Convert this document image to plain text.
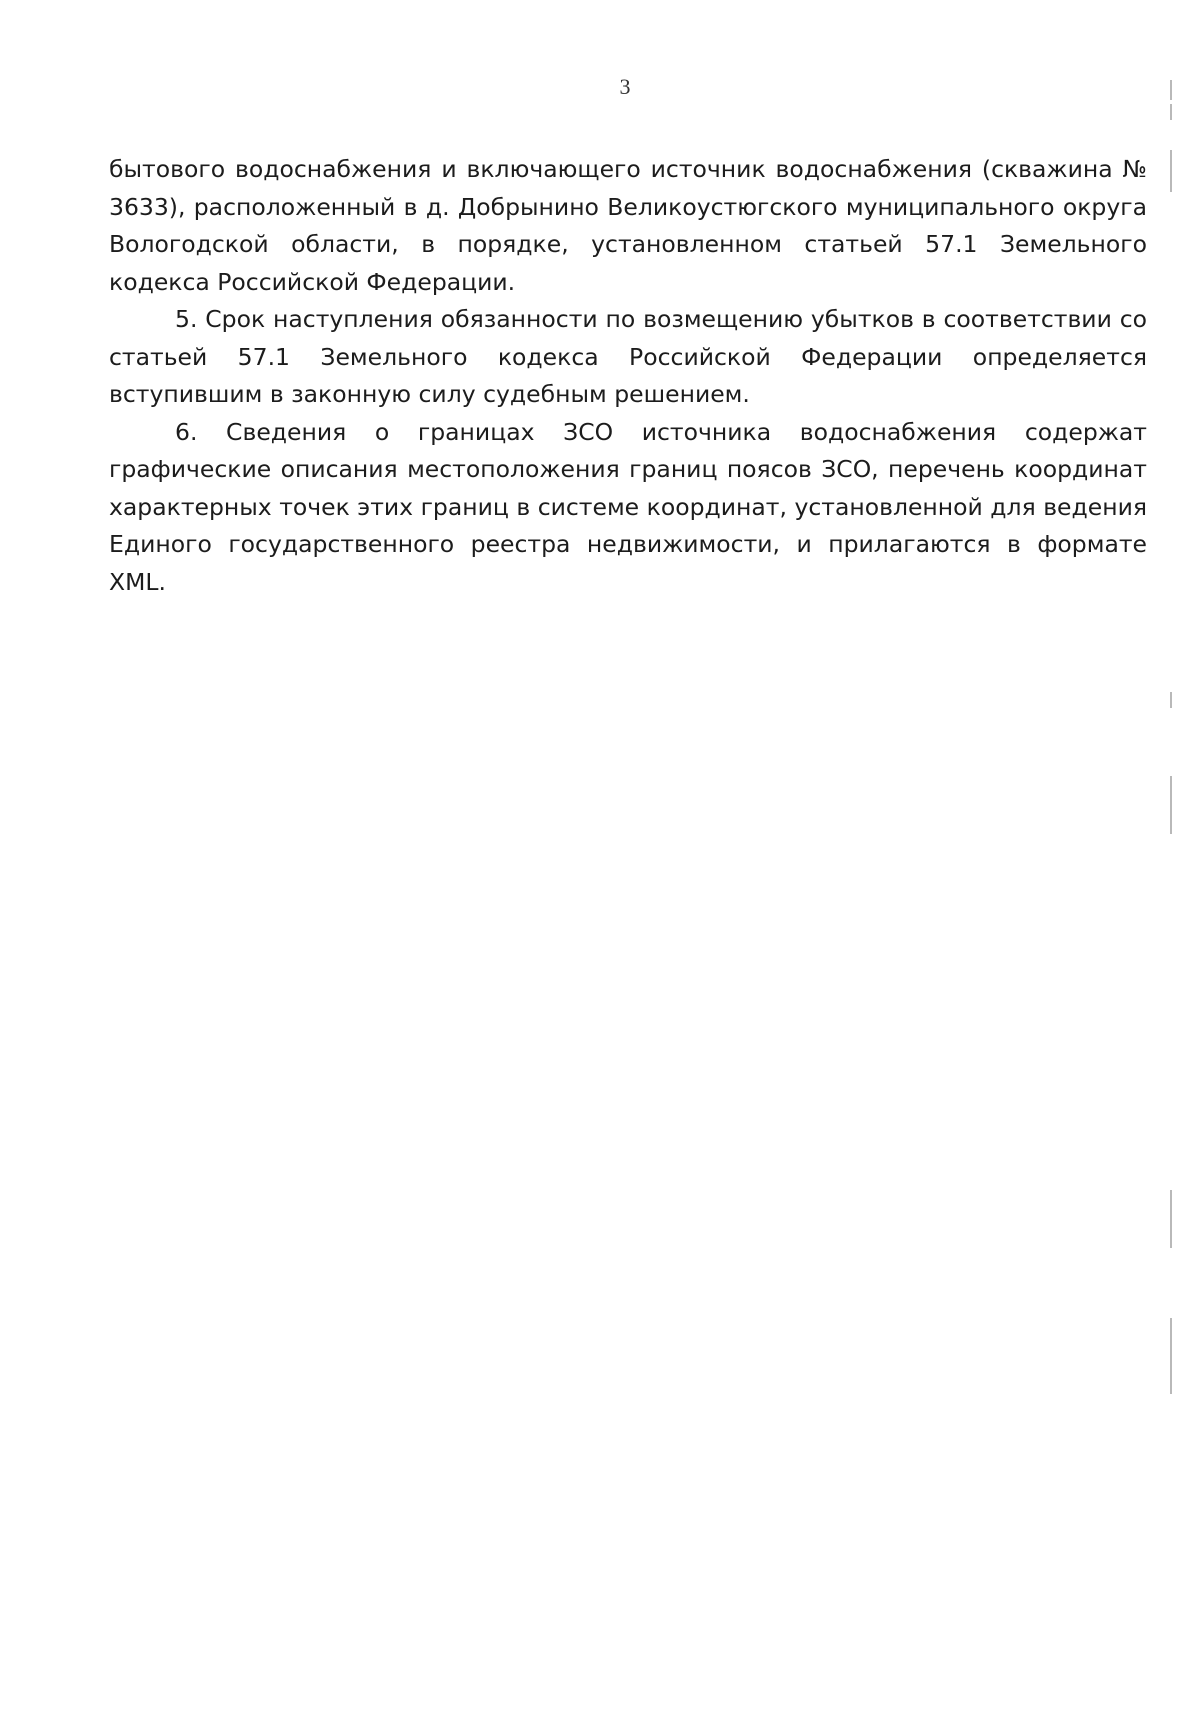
3

бытового водоснабжения и включающего источник водоснабжения (скважина № 3633), расположенный в д. Добрынино Великоустюгского муниципального округа Вологодской области, в порядке, установленном статьей 57.1 Земельного кодекса Российской Федерации.

5. Срок наступления обязанности по возмещению убытков в соответствии со статьей 57.1 Земельного кодекса Российской Федерации определяется вступившим в законную силу судебным решением.

6. Сведения о границах ЗСО источника водоснабжения содержат графические описания местоположения границ поясов ЗСО, перечень координат характерных точек этих границ в системе координат, установленной для ведения Единого государственного реестра недвижимости, и прилагаются в формате XML.
